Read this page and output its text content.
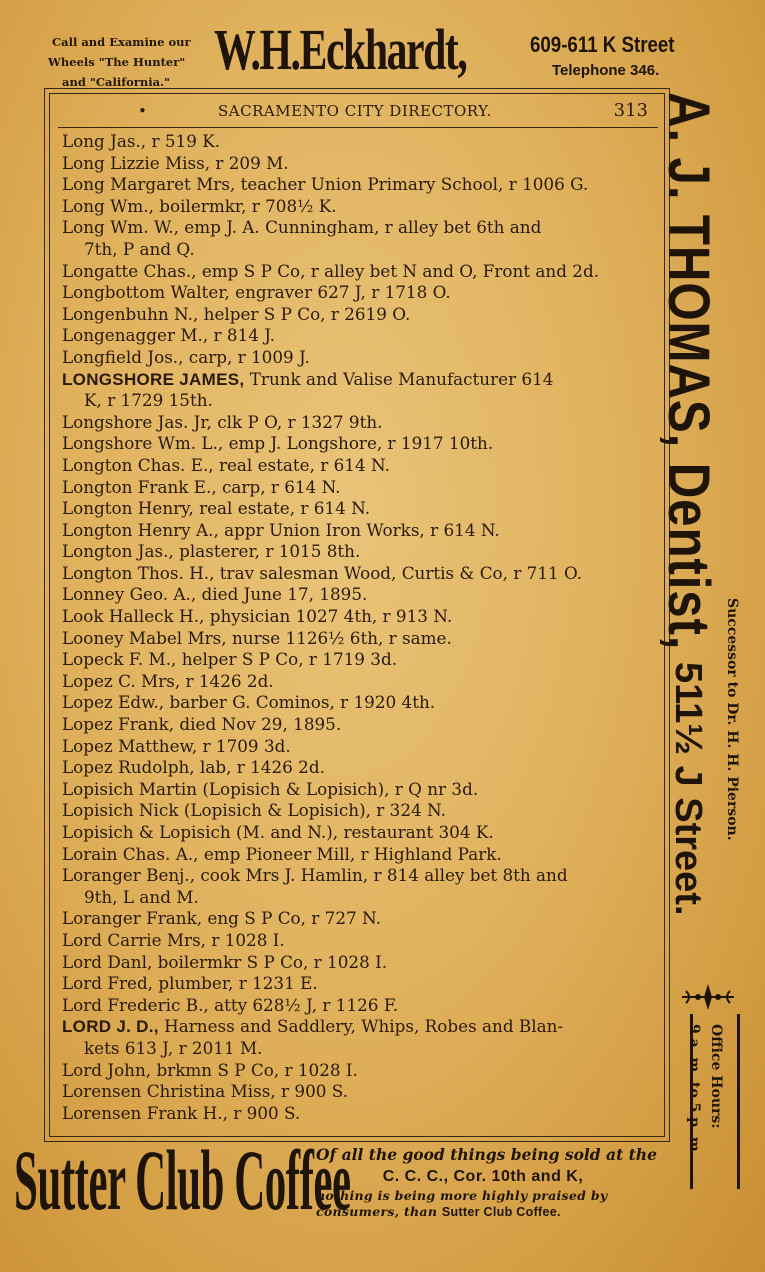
Call and Examine our
Wheels "The Hunter"
and "California." W.H.Eckhardt,	609-611 K Street
Telephone 346.
•	SACRAMENTO CITY DIRECTORY.	313
Long Jas., r 519 K.
Long Lizzie Miss, r 209 M.
Long Margaret Mrs, teacher Union Primary School, r 1006 G.
Long Wm., boilermkr, r 708½ K.
Long Wm. W., emp J. A. Cunningham, r alley bet 6th and
7th, P and Q.
Longatte Chas., emp S P Co, r alley bet N and O, Front and 2d.
Longbottom Walter, engraver 627 J, r 1718 O.
Longenbuhn N., helper S P Co, r 2619 O.
Longenagger M., r 814 J.
Longfield Jos., carp, r 1009 J.
LONGSHORE JAMES, Trunk and Valise Manufacturer 614
K, r 1729 15th.
Longshore Jas. Jr, clk P O, r 1327 9th.
Longshore Wm. L., emp J. Longshore, r 1917 10th.
Longton Chas. E., real estate, r 614 N.
Longton Frank E., carp, r 614 N.
Longton Henry, real estate, r 614 N.
Longton Henry A., appr Union Iron Works, r 614 N.
Longton Jas., plasterer, r 1015 8th.
Longton Thos. H., trav salesman Wood, Curtis & Co, r 711 O.
Lonney Geo. A., died June 17, 1895.
Look Halleck H., physician 1027 4th, r 913 N.
Looney Mabel Mrs, nurse 1126½ 6th, r same.
Lopeck F. M., helper S P Co, r 1719 3d.
Lopez C. Mrs, r 1426 2d.
Lopez Edw., barber G. Cominos, r 1920 4th.
Lopez Frank, died Nov 29, 1895.
Lopez Matthew, r 1709 3d.
Lopez Rudolph, lab, r 1426 2d.
Lopisich Martin (Lopisich & Lopisich), r Q nr 3d.
Lopisich Nick (Lopisich & Lopisich), r 324 N.
Lopisich & Lopisich (M. and N.), restaurant 304 K.
Lorain Chas. A., emp Pioneer Mill, r Highland Park.
Loranger Benj., cook Mrs J. Hamlin, r 814 alley bet 8th and
9th, L and M.
Loranger Frank, eng S P Co, r 727 N.
Lord Carrie Mrs, r 1028 I.
Lord Danl, boilermkr S P Co, r 1028 I.
Lord Fred, plumber, r 1231 E.
Lord Frederic B., atty 628½ J, r 1126 F.
LORD J. D., Harness and Saddlery, Whips, Robes and Blan-
kets 613 J, r 2011 M.
Lord John, brkmn S P Co, r 1028 I.
Lorensen Christina Miss, r 900 S.
Lorensen Frank H., r 900 S.
A. J. THOMAS, Dentist,
Successor to Dr. H. H. Pierson.
511½ J Street.
Office Hours:
9 a. m. to 5 p. m.
Sutter Club Coffee
Of all the good things being sold at the
C. C. C., Cor. 10th and K,
nothing is being more highly praised by
consumers, than Sutter Club Coffee.
